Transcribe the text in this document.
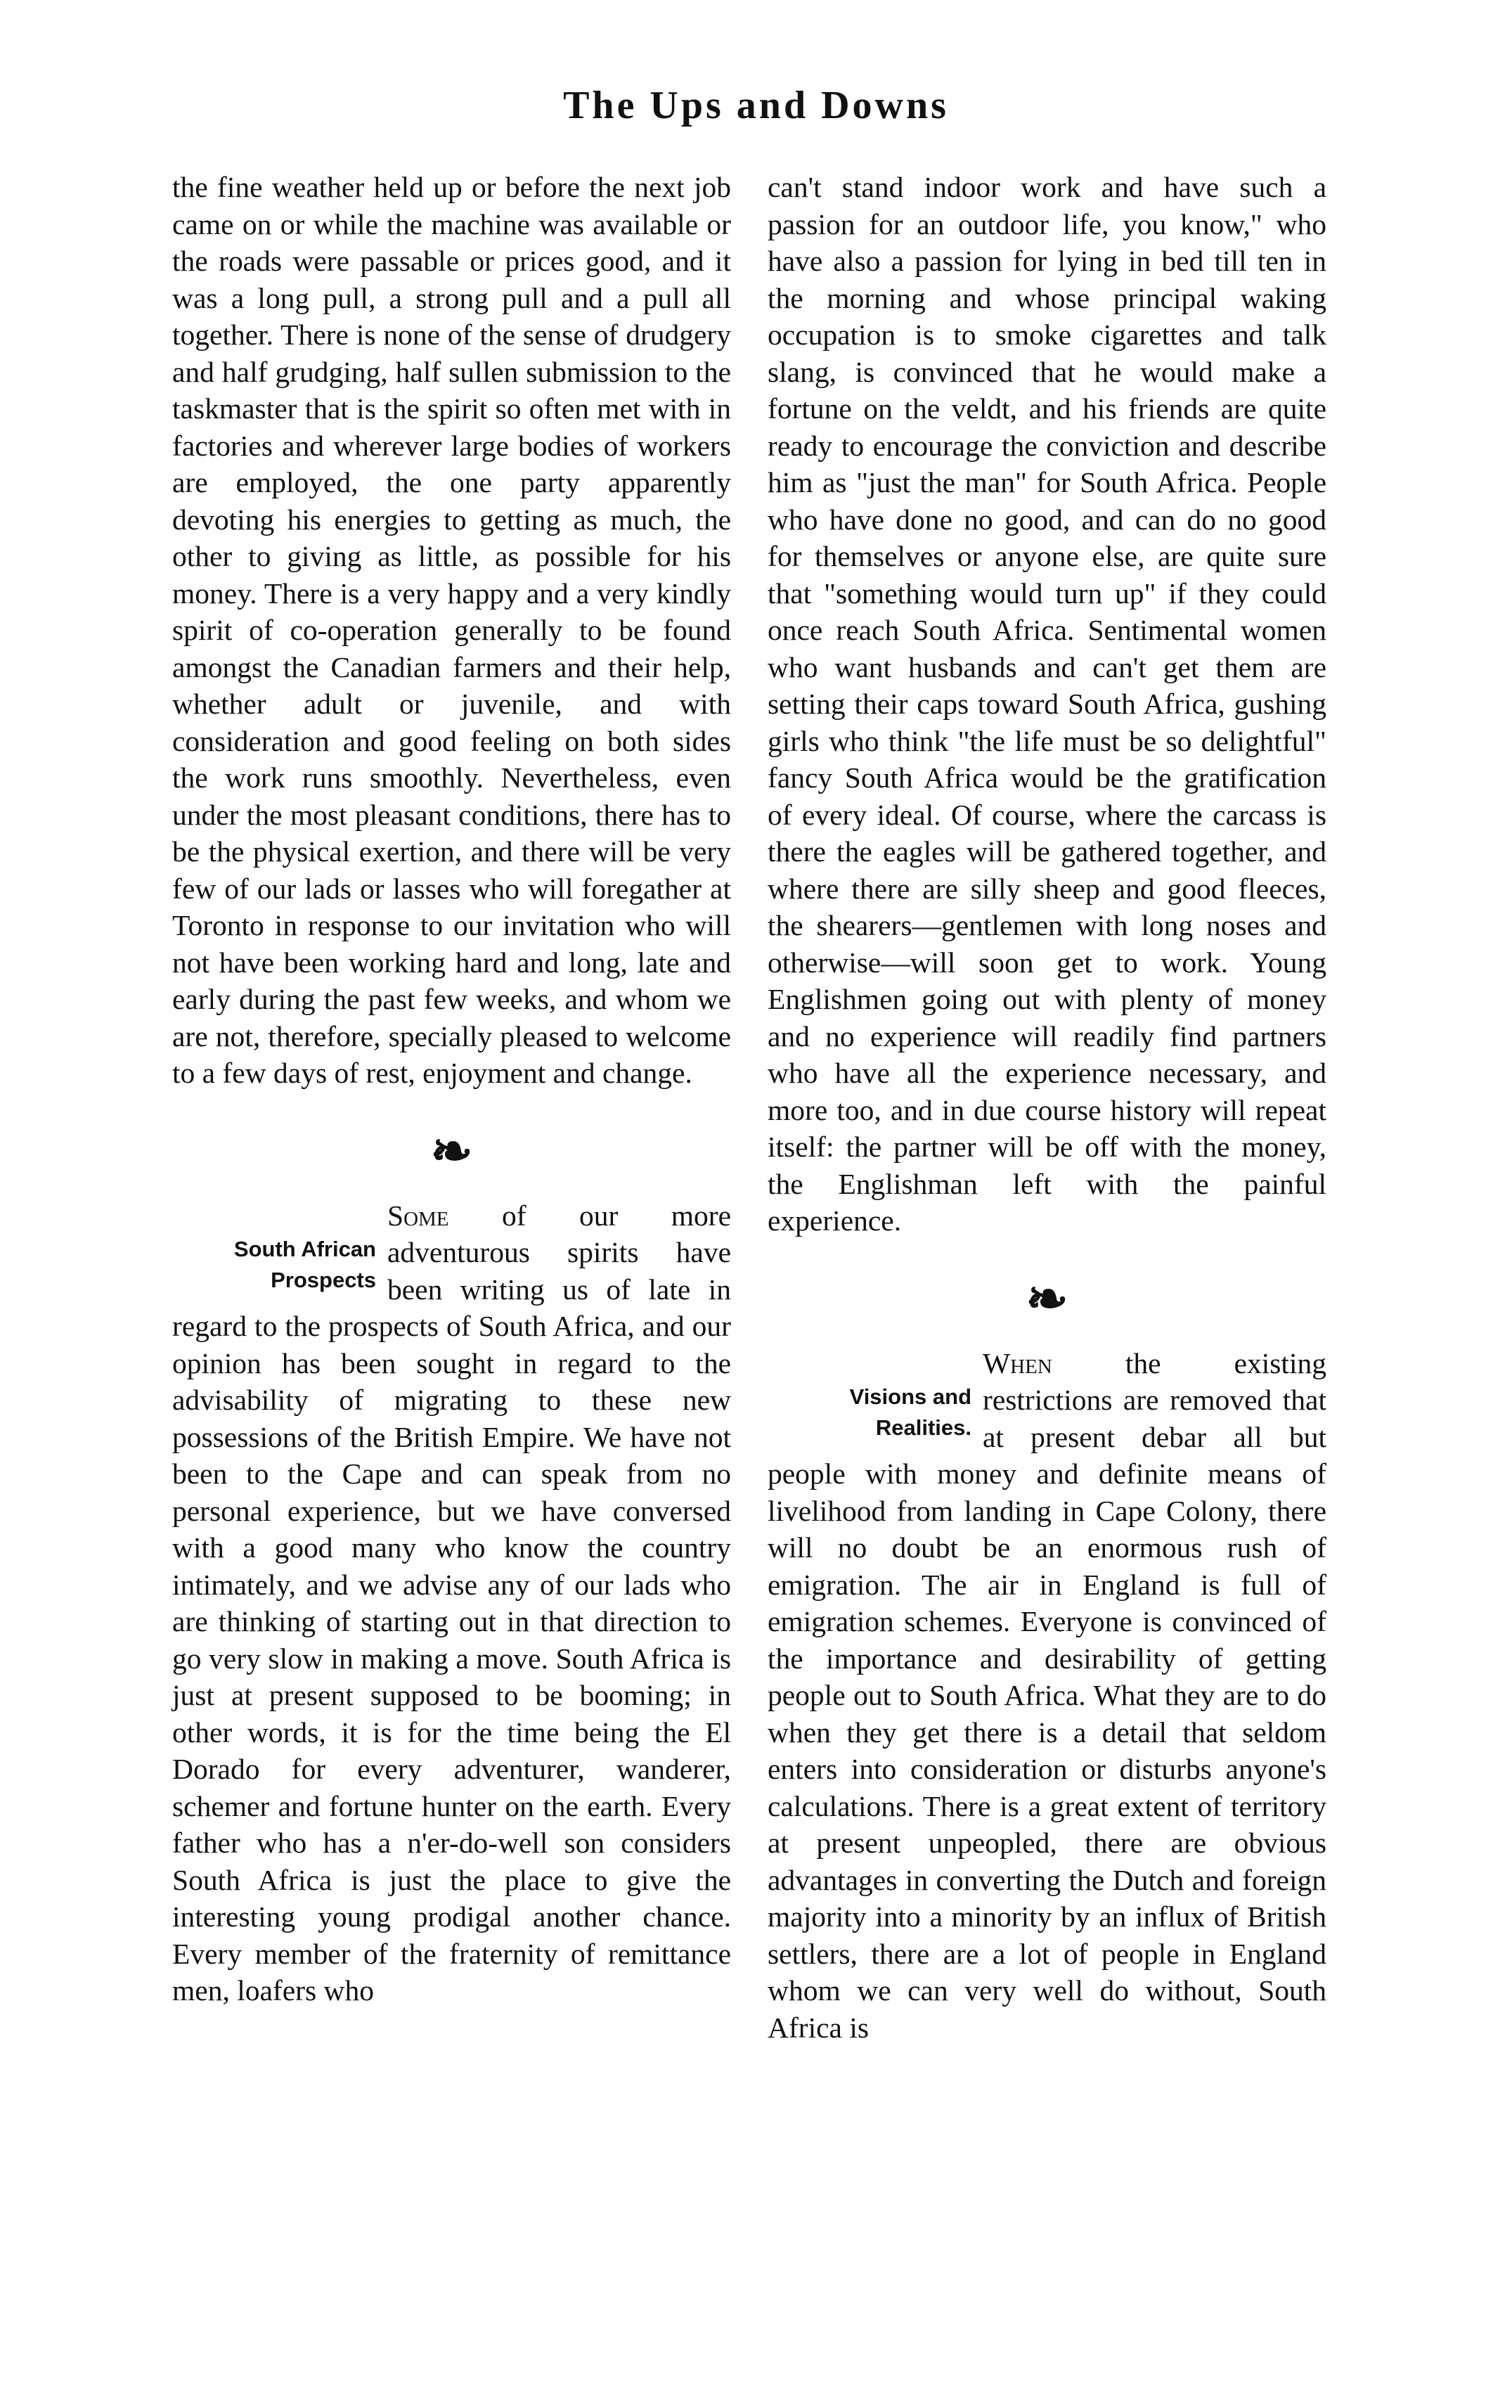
The Ups and Downs

the fine weather held up or before the next job came on or while the machine was available or the roads were passable or prices good, and it was a long pull, a strong pull and a pull all together. There is none of the sense of drudgery and half grudging, half sullen submission to the taskmaster that is the spirit so often met with in factories and wherever large bodies of workers are employed, the one party apparently devoting his energies to getting as much, the other to giving as little, as possible for his money. There is a very happy and a very kindly spirit of co-operation generally to be found amongst the Canadian farmers and their help, whether adult or juvenile, and with consideration and good feeling on both sides the work runs smoothly. Nevertheless, even under the most pleasant conditions, there has to be the physical exertion, and there will be very few of our lads or lasses who will foregather at Toronto in response to our invitation who will not have been working hard and long, late and early during the past few weeks, and whom we are not, therefore, specially pleased to welcome to a few days of rest, enjoyment and change.

❧
South African
Prospects

Some of our more adventurous spirits have been writing us of late in regard to the prospects of South Africa, and our opinion has been sought in regard to the advisability of migrating to these new possessions of the British Empire. We have not been to the Cape and can speak from no personal experience, but we have conversed with a good many who know the country intimately, and we advise any of our lads who are thinking of starting out in that direction to go very slow in making a move. South Africa is just at present supposed to be booming; in other words, it is for the time being the El Dorado for every adventurer, wanderer, schemer and fortune hunter on the earth. Every father who has a n'er-do-well son considers South Africa is just the place to give the interesting young prodigal another chance. Every member of the fraternity of remittance men, loafers who

can't stand indoor work and have such a passion for an outdoor life, you know," who have also a passion for lying in bed till ten in the morning and whose principal waking occupation is to smoke cigarettes and talk slang, is convinced that he would make a fortune on the veldt, and his friends are quite ready to encourage the conviction and describe him as "just the man" for South Africa. People who have done no good, and can do no good for themselves or anyone else, are quite sure that "something would turn up" if they could once reach South Africa. Sentimental women who want husbands and can't get them are setting their caps toward South Africa, gushing girls who think "the life must be so delightful" fancy South Africa would be the gratification of every ideal. Of course, where the carcass is there the eagles will be gathered together, and where there are silly sheep and good fleeces, the shearers—gentlemen with long noses and otherwise—will soon get to work. Young Englishmen going out with plenty of money and no experience will readily find partners who have all the experience necessary, and more too, and in due course history will repeat itself: the partner will be off with the money, the Englishman left with the painful experience.

❧
Visions and
Realities.

When	the existing restrictions are removed that at present debar all but people with money and definite means of livelihood from landing in Cape Colony, there will no doubt be an enormous rush of emigration. The air in England is full of emigration schemes. Everyone is convinced of the importance and desirability of getting people out to South Africa. What they are to do when they get there is a detail that seldom enters into consideration or disturbs anyone's calculations. There is a great extent of territory at present unpeopled, there are obvious advantages in converting the Dutch and foreign majority into a minority by an influx of British settlers, there are a lot of people in England whom we can very well do without, South Africa is
